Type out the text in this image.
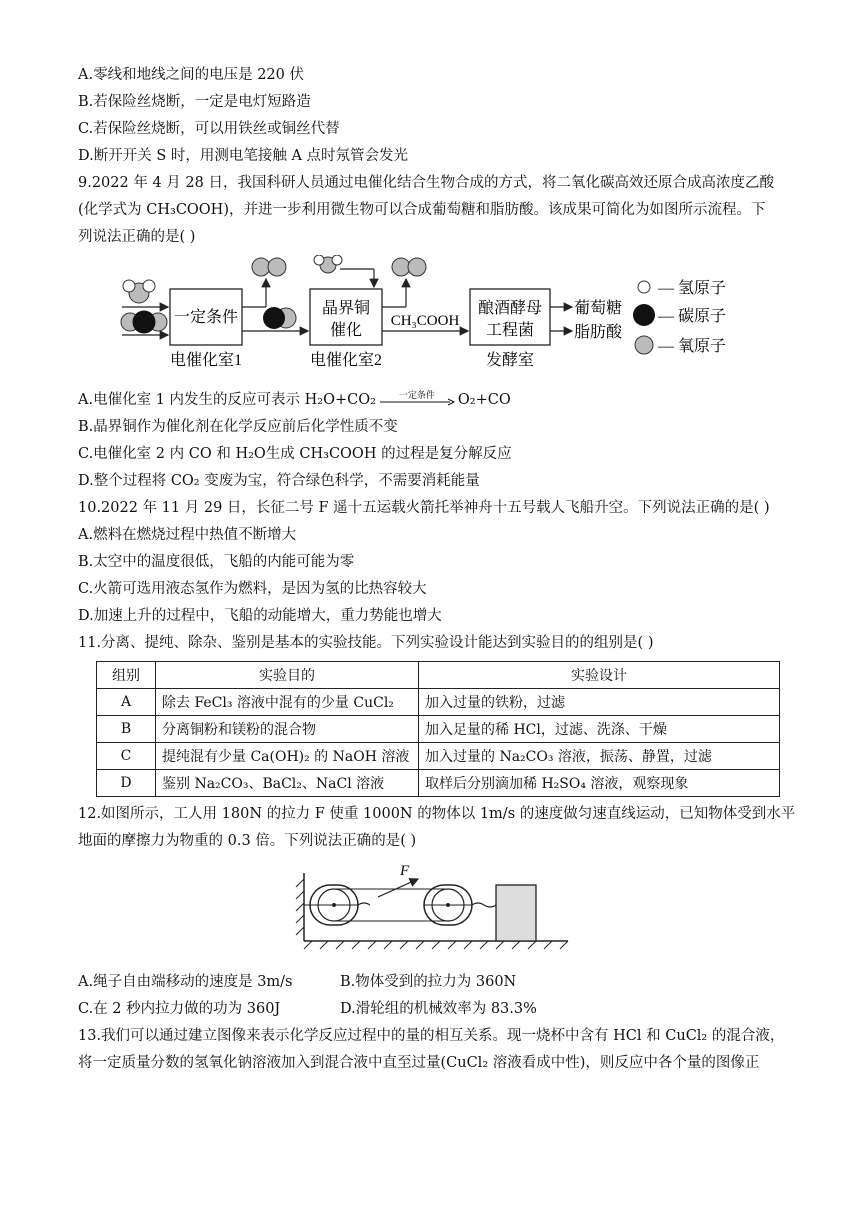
A.零线和地线之间的电压是 220 伏
B.若保险丝烧断，一定是电灯短路造
C.若保险丝烧断，可以用铁丝或铜丝代替
D.断开开关 S 时，用测电笔接触 A 点时氖管会发光
9.2022 年 4 月 28 日，我国科研人员通过电催化结合生物合成的方式，将二氧化碳高效还原合成高浓度乙酸
(化学式为 CH₃COOH)，并进一步利用微生物可以合成葡萄糖和脂肪酸。该成果可简化为如图所示流程。下
列说法正确的是( )
一定条件
电催化室1
晶界铜
催化
电催化室2
CH₃COOH
酿酒酵母
工程菌
发酵室
葡萄糖
脂肪酸
— 氢原子
— 碳原子
— 氧原子
A.电催化室 1 内发生的反应可表示 H₂O+CO₂	一定条件	O₂+CO
B.晶界铜作为催化剂在化学反应前后化学性质不变
C.电催化室 2 内 CO 和 H₂O生成 CH₃COOH 的过程是复分解反应
D.整个过程将 CO₂ 变废为宝，符合绿色科学，不需要消耗能量
10.2022 年 11 月 29 日，长征二号 F 遥十五运载火箭托举神舟十五号载人飞船升空。下列说法正确的是( )
A.燃料在燃烧过程中热值不断增大
B.太空中的温度很低，飞船的内能可能为零
C.火箭可选用液态氢作为燃料，是因为氢的比热容较大
D.加速上升的过程中，飞船的动能增大，重力势能也增大
11.分离、提纯、除杂、鉴别是基本的实验技能。下列实验设计能达到实验目的的组别是( )
组别	实验目的	实验设计
A	除去 FeCl₃ 溶液中混有的少量 CuCl₂	加入过量的铁粉，过滤
B	分离铜粉和镁粉的混合物	加入足量的稀 HCl，过滤、洗涤、干燥
C	提纯混有少量 Ca(OH)₂ 的 NaOH 溶液	加入过量的 Na₂CO₃ 溶液，振荡、静置，过滤
D	鉴别 Na₂CO₃、BaCl₂、NaCl 溶液	取样后分别滴加稀 H₂SO₄ 溶液，观察现象
12.如图所示，工人用 180N 的拉力 F 使重 1000N 的物体以 1m/s 的速度做匀速直线运动，已知物体受到水平
地面的摩擦力为物重的 0.3 倍。下列说法正确的是( )
F
A.绳子自由端移动的速度是 3m/s	B.物体受到的拉力为 360N
C.在 2 秒内拉力做的功为 360J	D.滑轮组的机械效率为 83.3%
13.我们可以通过建立图像来表示化学反应过程中的量的相互关系。现一烧杯中含有 HCl 和 CuCl₂ 的混合液，
将一定质量分数的氢氧化钠溶液加入到混合液中直至过量(CuCl₂ 溶液看成中性)，则反应中各个量的图像正
